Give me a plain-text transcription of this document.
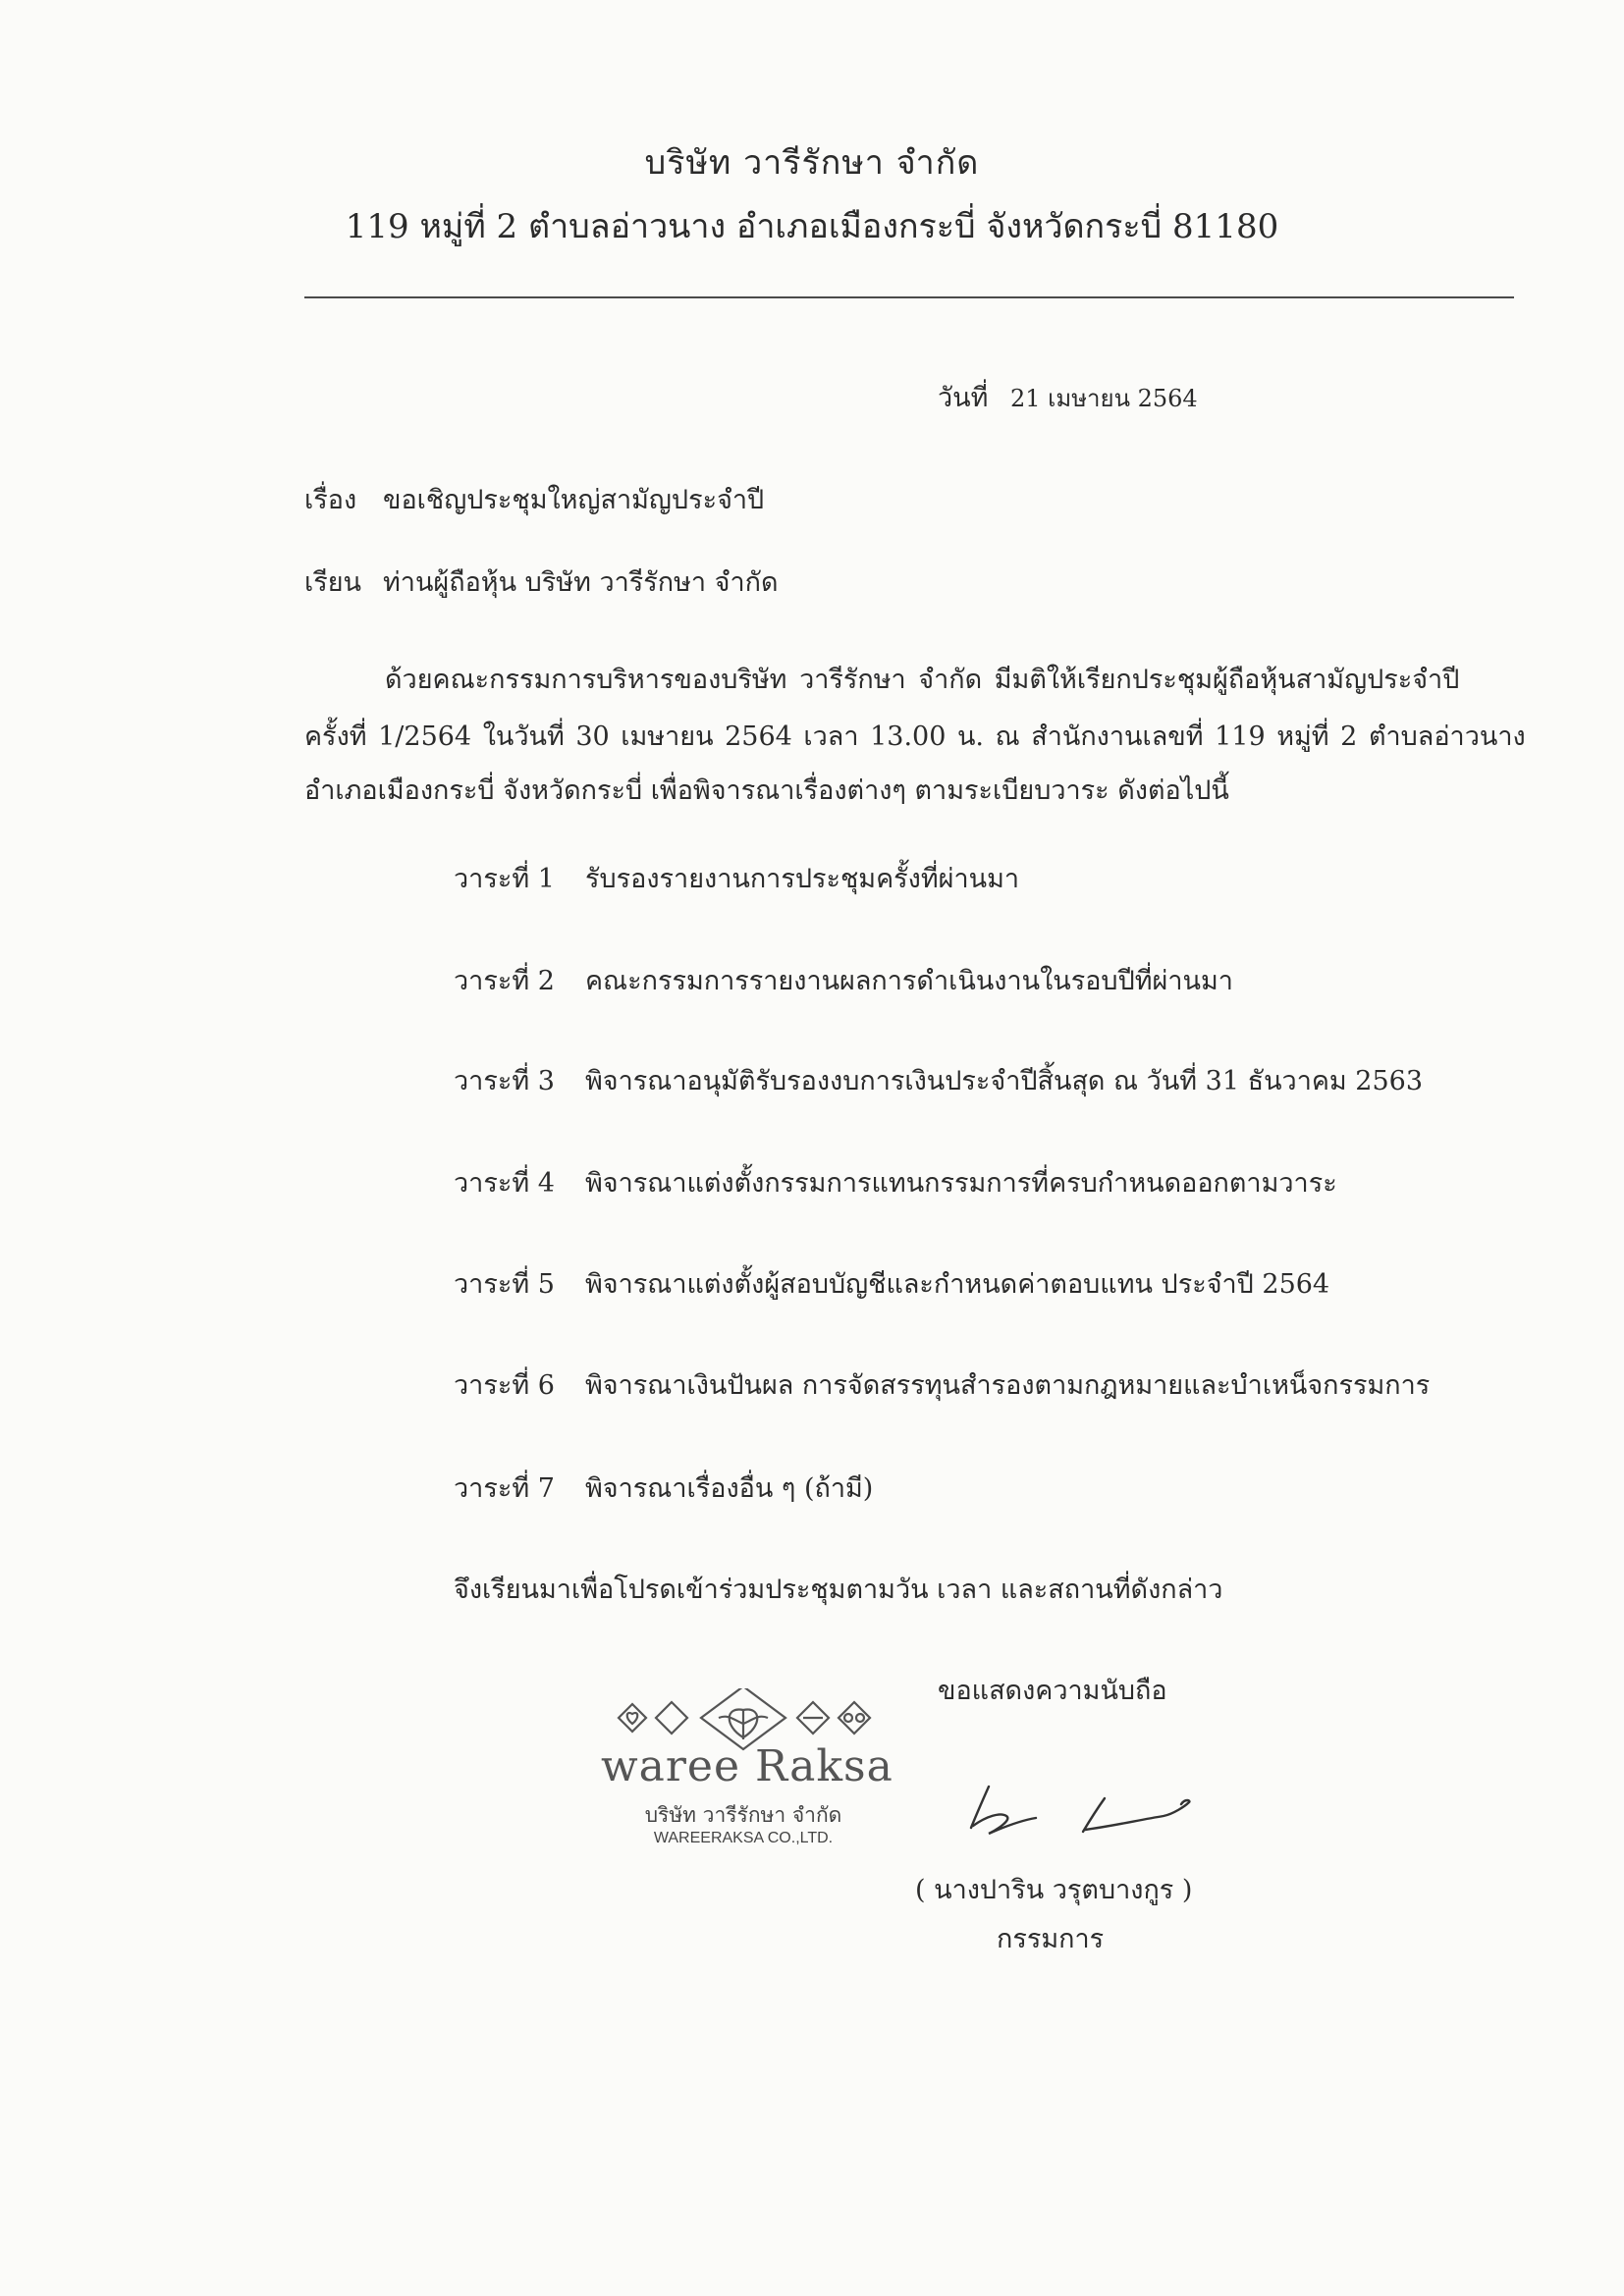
บริษัท วารีรักษา จำกัด
119 หมู่ที่ 2 ตำบลอ่าวนาง อำเภอเมืองกระบี่ จังหวัดกระบี่ 81180
วันที่ 21 เมษายน 2564
เรื่อง ขอเชิญประชุมใหญ่สามัญประจำปี
เรียน ท่านผู้ถือหุ้น บริษัท วารีรักษา จำกัด
ด้วยคณะกรรมการบริหารของบริษัท วารีรักษา จำกัด มีมติให้เรียกประชุมผู้ถือหุ้นสามัญประจำปี
ครั้งที่ 1/2564 ในวันที่ 30 เมษายน 2564 เวลา 13.00 น. ณ สำนักงานเลขที่ 119 หมู่ที่ 2 ตำบลอ่าวนาง
อำเภอเมืองกระบี่ จังหวัดกระบี่ เพื่อพิจารณาเรื่องต่างๆ ตามระเบียบวาระ ดังต่อไปนี้
วาระที่ 1 รับรองรายงานการประชุมครั้งที่ผ่านมา
วาระที่ 2 คณะกรรมการรายงานผลการดำเนินงานในรอบปีที่ผ่านมา
วาระที่ 3 พิจารณาอนุมัติรับรองงบการเงินประจำปีสิ้นสุด ณ วันที่ 31 ธันวาคม 2563
วาระที่ 4 พิจารณาแต่งตั้งกรรมการแทนกรรมการที่ครบกำหนดออกตามวาระ
วาระที่ 5 พิจารณาแต่งตั้งผู้สอบบัญชีและกำหนดค่าตอบแทน ประจำปี 2564
วาระที่ 6 พิจารณาเงินปันผล การจัดสรรทุนสำรองตามกฎหมายและบำเหน็จกรรมการ
วาระที่ 7 พิจารณาเรื่องอื่น ๆ (ถ้ามี)
จึงเรียนมาเพื่อโปรดเข้าร่วมประชุมตามวัน เวลา และสถานที่ดังกล่าว
ขอแสดงความนับถือ
waree Raksa
บริษัท วารีรักษา จำกัด
WAREERAKSA CO.,LTD.
( นางปาริน วรุตบางกูร )
กรรมการ
